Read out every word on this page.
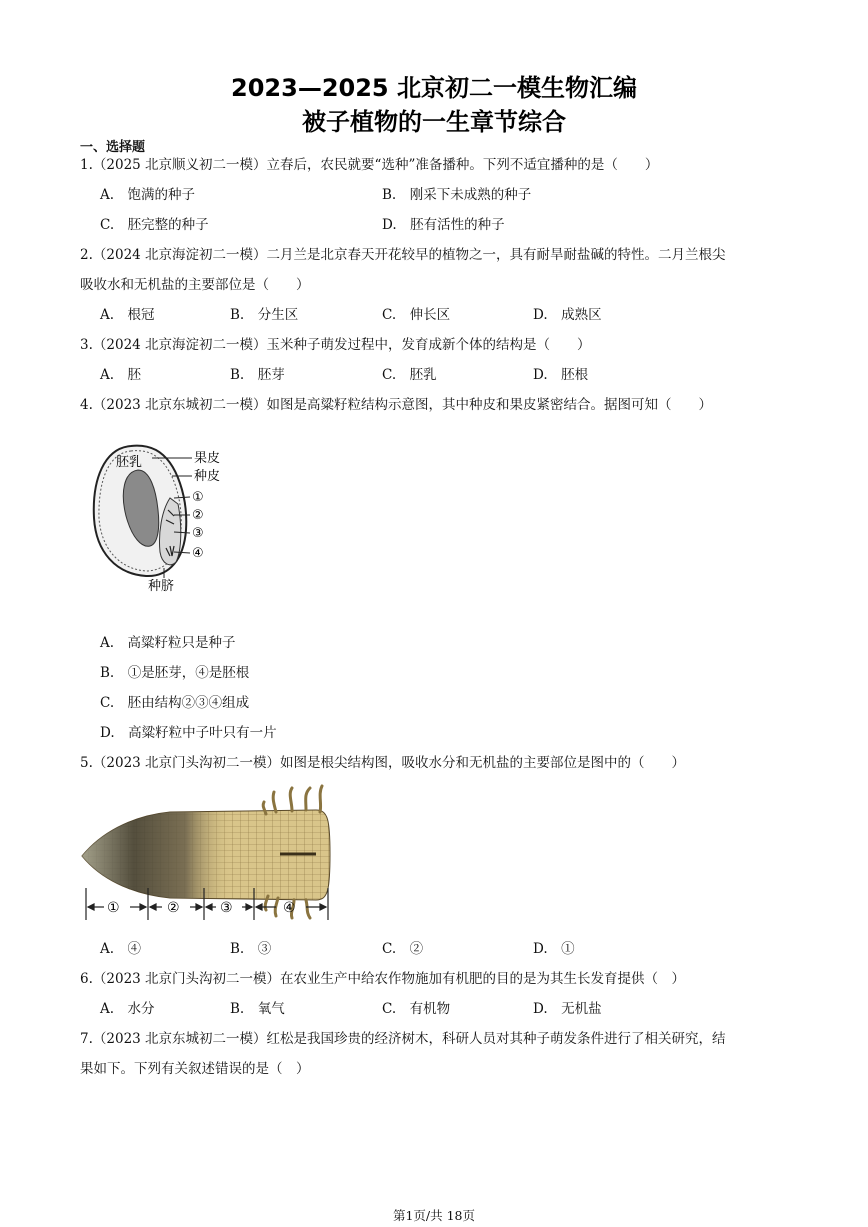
2023—2025 北京初二一模生物汇编
被子植物的一生章节综合
一、选择题
1.（2025 北京顺义初二一模）立春后，农民就要“选种”准备播种。下列不适宜播种的是（　　）
A.　饱满的种子	B.　刚采下未成熟的种子
C.　胚完整的种子	D.　胚有活性的种子
2.（2024 北京海淀初二一模）二月兰是北京春天开花较早的植物之一，具有耐旱耐盐碱的特性。二月兰根尖
吸收水和无机盐的主要部位是（　　）
A.　根冠	B.　分生区	C.　伸长区	D.　成熟区
3.（2024 北京海淀初二一模）玉米种子萌发过程中，发育成新个体的结构是（　　）
A.　胚	B.　胚芽	C.　胚乳	D.　胚根
4.（2023 北京东城初二一模）如图是高粱籽粒结构示意图，其中种皮和果皮紧密结合。据图可知（　　）
胚乳	果皮
种皮
①
②
③
④
种脐
A.　高粱籽粒只是种子
B.　①是胚芽，④是胚根
C.　胚由结构②③④组成
D.　高粱籽粒中子叶只有一片
5.（2023 北京门头沟初二一模）如图是根尖结构图，吸收水分和无机盐的主要部位是图中的（　　）
①	②	③	④
A.　④	B.　③	C.　②	D.　①
6.（2023 北京门头沟初二一模）在农业生产中给农作物施加有机肥的目的是为其生长发育提供（　）
A.　水分	B.　氧气	C.　有机物	D.　无机盐
7.（2023 北京东城初二一模）红松是我国珍贵的经济树木，科研人员对其种子萌发条件进行了相关研究，结
果如下。下列有关叙述错误的是（　）
第1页/共 18页
